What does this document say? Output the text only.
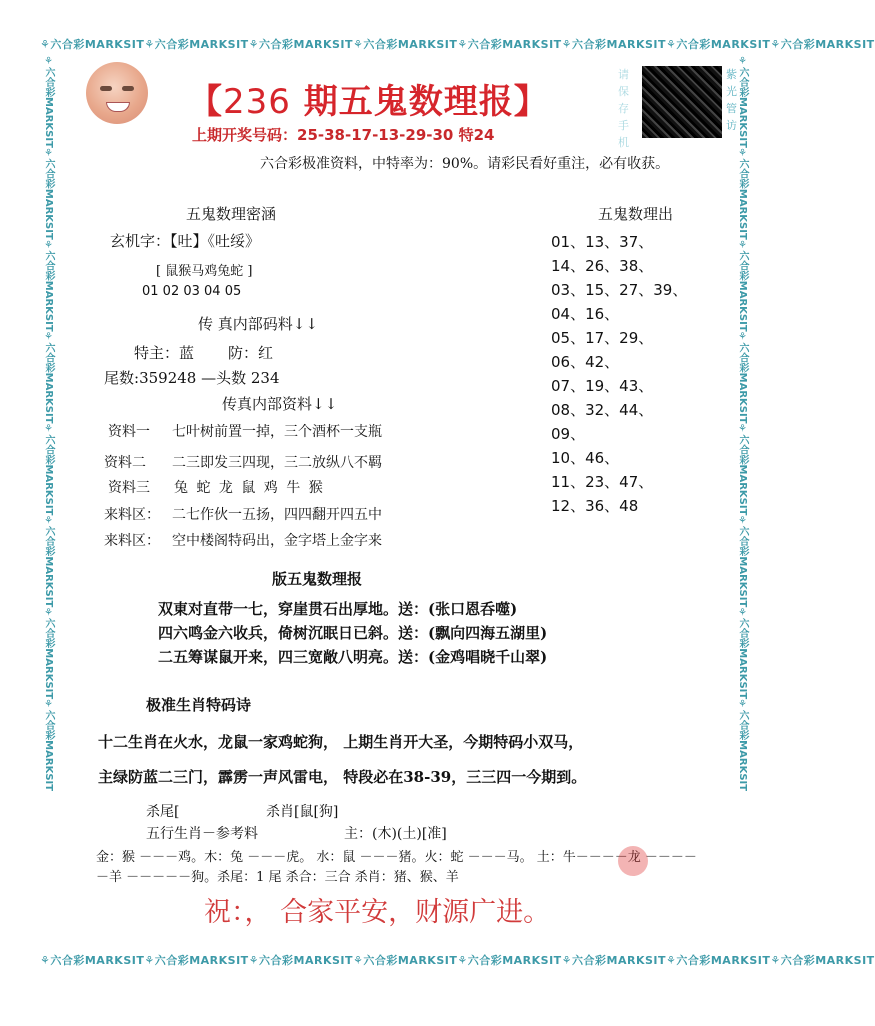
⚘六合彩MARKSIT⚘六合彩MARKSIT⚘六合彩MARKSIT⚘六合彩MARKSIT⚘六合彩MARKSIT⚘六合彩MARKSIT⚘六合彩MARKSIT⚘六合彩MARKSIT
⚘六合彩MARKSIT⚘六合彩MARKSIT⚘六合彩MARKSIT⚘六合彩MARKSIT⚘六合彩MARKSIT⚘六合彩MARKSIT⚘六合彩MARKSIT⚘六合彩MARKSIT
⚘六合彩MARKSIT⚘六合彩MARKSIT⚘六合彩MARKSIT⚘六合彩MARKSIT⚘六合彩MARKSIT⚘六合彩MARKSIT⚘六合彩MARKSIT⚘六合彩MARKSIT	⚘六合彩MARKSIT⚘六合彩MARKSIT⚘六合彩MARKSIT⚘六合彩MARKSIT⚘六合彩MARKSIT⚘六合彩MARKSIT⚘六合彩MARKSIT⚘六合彩MARKSIT
【236 期五鬼数理报】
上期开奖号码：25-38-17-13-29-30 特24
请保存手机
紫光管访
六合彩极准资料，中特率为：90%。请彩民看好重注，必有收获。
五鬼数理密涵
玄机字：【吐】《吐绥》
[ 鼠猴马鸡兔蛇 ]
01 02 03 04 05
传 真内部码料↓↓
特主：蓝 防：红
尾数:359248 —头数 234
传真内部资料↓↓
资料一 七叶树前置一掉，三个酒杯一支瓶
资料二 二三即发三四现，三二放纵八不羁
资料三 兔 蛇 龙 鼠 鸡 牛 猴
来料区： 二七作伙一五扬，四四翻开四五中
来料区： 空中楼阁特码出，金字塔上金字来
五鬼数理出
01、13、37、
14、26、38、
03、15、27、39、
04、16、
05、17、29、
06、42、
07、19、43、
08、32、44、
09、
10、46、
11、23、47、
12、36、48
版五鬼数理报
双東对直带一七，穿崖贯石出厚地。送：(张口恩呑噬)
四六鸣金六收兵，倚树沉眠日已斜。送：(飘向四海五湖里)
二五筹谋鼠开来，四三宽敞八明亮。送：(金鸡唱晓千山翠)
极准生肖特码诗
十二生肖在火水，龙鼠一家鸡蛇狗， 上期生肖开大圣，今期特码小双马，
主绿防蓝二三门，霹雳一声风雷电， 特段必在38-39，三三四一今期到。
杀尾[	杀肖[鼠[狗]
五行生肖－参考料	主：(木)(土)[准]
金：猴 －－－鸡。木：兔 －－－虎。 水：鼠 －－－猪。火：蛇 －－－马。 土：牛－－－－龙 －－－－
－羊 －－－－－狗。杀尾：1 尾 杀合：三合 杀肖：猪、猴、羊
祝：， 合家平安，财源广进。
